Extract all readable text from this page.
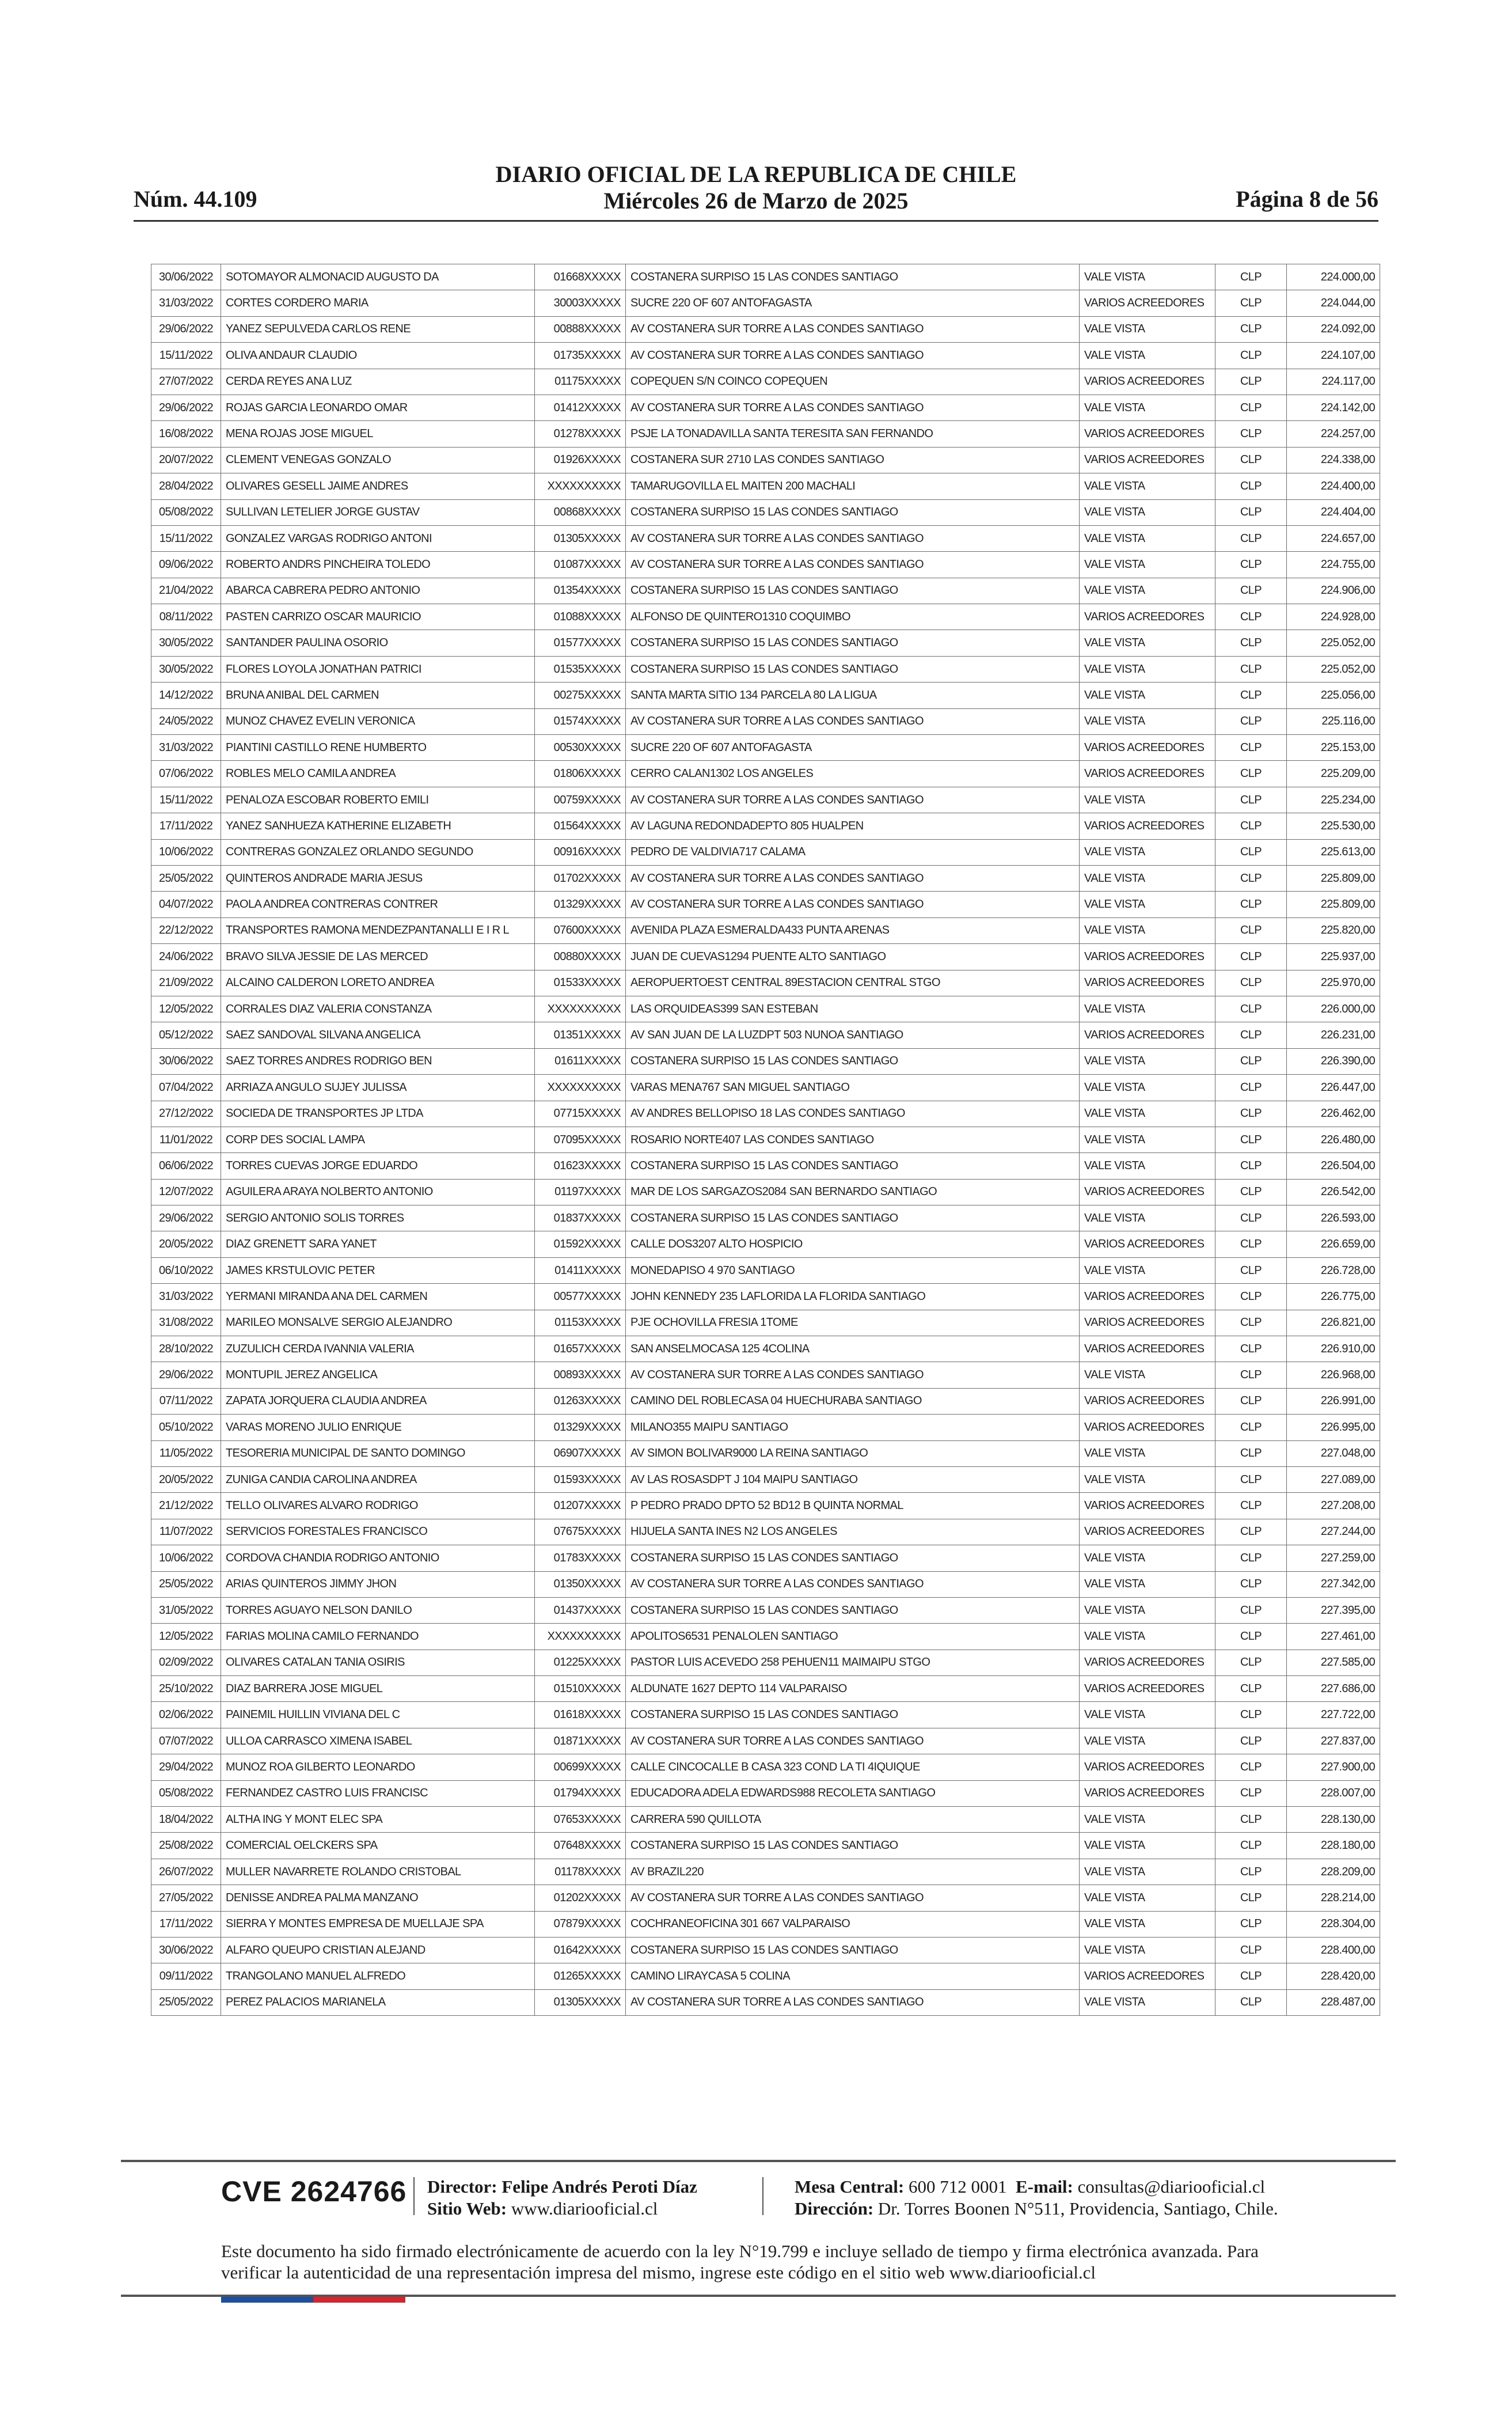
Núm. 44.109
DIARIO OFICIAL DE LA REPUBLICA DE CHILE
Miércoles 26 de Marzo de 2025	Página 8 de 56
30/06/2022	SOTOMAYOR ALMONACID AUGUSTO DA	01668XXXXX	COSTANERA SURPISO 15 LAS CONDES SANTIAGO	VALE VISTA	CLP	224.000,00
31/03/2022	CORTES CORDERO MARIA	30003XXXXX	SUCRE 220 OF 607 ANTOFAGASTA	VARIOS ACREEDORES	CLP	224.044,00
29/06/2022	YANEZ SEPULVEDA CARLOS RENE	00888XXXXX	AV COSTANERA SUR TORRE A LAS CONDES SANTIAGO	VALE VISTA	CLP	224.092,00
15/11/2022	OLIVA ANDAUR CLAUDIO	01735XXXXX	AV COSTANERA SUR TORRE A LAS CONDES SANTIAGO	VALE VISTA	CLP	224.107,00
27/07/2022	CERDA REYES ANA LUZ	01175XXXXX	COPEQUEN S/N COINCO COPEQUEN	VARIOS ACREEDORES	CLP	224.117,00
29/06/2022	ROJAS GARCIA LEONARDO OMAR	01412XXXXX	AV COSTANERA SUR TORRE A LAS CONDES SANTIAGO	VALE VISTA	CLP	224.142,00
16/08/2022	MENA ROJAS JOSE MIGUEL	01278XXXXX	PSJE LA TONADAVILLA SANTA TERESITA SAN FERNANDO	VARIOS ACREEDORES	CLP	224.257,00
20/07/2022	CLEMENT VENEGAS GONZALO	01926XXXXX	COSTANERA SUR 2710 LAS CONDES SANTIAGO	VARIOS ACREEDORES	CLP	224.338,00
28/04/2022	OLIVARES GESELL JAIME ANDRES	XXXXXXXXXX	TAMARUGOVILLA EL MAITEN 200 MACHALI	VALE VISTA	CLP	224.400,00
05/08/2022	SULLIVAN LETELIER JORGE GUSTAV	00868XXXXX	COSTANERA SURPISO 15 LAS CONDES SANTIAGO	VALE VISTA	CLP	224.404,00
15/11/2022	GONZALEZ VARGAS RODRIGO ANTONI	01305XXXXX	AV COSTANERA SUR TORRE A LAS CONDES SANTIAGO	VALE VISTA	CLP	224.657,00
09/06/2022	ROBERTO ANDRS PINCHEIRA TOLEDO	01087XXXXX	AV COSTANERA SUR TORRE A LAS CONDES SANTIAGO	VALE VISTA	CLP	224.755,00
21/04/2022	ABARCA CABRERA PEDRO ANTONIO	01354XXXXX	COSTANERA SURPISO 15 LAS CONDES SANTIAGO	VALE VISTA	CLP	224.906,00
08/11/2022	PASTEN CARRIZO OSCAR MAURICIO	01088XXXXX	ALFONSO DE QUINTERO1310 COQUIMBO	VARIOS ACREEDORES	CLP	224.928,00
30/05/2022	SANTANDER PAULINA OSORIO	01577XXXXX	COSTANERA SURPISO 15 LAS CONDES SANTIAGO	VALE VISTA	CLP	225.052,00
30/05/2022	FLORES LOYOLA JONATHAN PATRICI	01535XXXXX	COSTANERA SURPISO 15 LAS CONDES SANTIAGO	VALE VISTA	CLP	225.052,00
14/12/2022	BRUNA ANIBAL DEL CARMEN	00275XXXXX	SANTA MARTA SITIO 134 PARCELA 80 LA LIGUA	VALE VISTA	CLP	225.056,00
24/05/2022	MUNOZ CHAVEZ EVELIN VERONICA	01574XXXXX	AV COSTANERA SUR TORRE A LAS CONDES SANTIAGO	VALE VISTA	CLP	225.116,00
31/03/2022	PIANTINI CASTILLO RENE HUMBERTO	00530XXXXX	SUCRE 220 OF 607 ANTOFAGASTA	VARIOS ACREEDORES	CLP	225.153,00
07/06/2022	ROBLES MELO CAMILA ANDREA	01806XXXXX	CERRO CALAN1302 LOS ANGELES	VARIOS ACREEDORES	CLP	225.209,00
15/11/2022	PENALOZA ESCOBAR ROBERTO EMILI	00759XXXXX	AV COSTANERA SUR TORRE A LAS CONDES SANTIAGO	VALE VISTA	CLP	225.234,00
17/11/2022	YANEZ SANHUEZA KATHERINE ELIZABETH	01564XXXXX	AV LAGUNA REDONDADEPTO 805 HUALPEN	VARIOS ACREEDORES	CLP	225.530,00
10/06/2022	CONTRERAS GONZALEZ ORLANDO SEGUNDO	00916XXXXX	PEDRO DE VALDIVIA717 CALAMA	VALE VISTA	CLP	225.613,00
25/05/2022	QUINTEROS ANDRADE MARIA JESUS	01702XXXXX	AV COSTANERA SUR TORRE A LAS CONDES SANTIAGO	VALE VISTA	CLP	225.809,00
04/07/2022	PAOLA ANDREA CONTRERAS CONTRER	01329XXXXX	AV COSTANERA SUR TORRE A LAS CONDES SANTIAGO	VALE VISTA	CLP	225.809,00
22/12/2022	TRANSPORTES RAMONA MENDEZPANTANALLI E I R L	07600XXXXX	AVENIDA PLAZA ESMERALDA433 PUNTA ARENAS	VALE VISTA	CLP	225.820,00
24/06/2022	BRAVO SILVA JESSIE DE LAS MERCED	00880XXXXX	JUAN DE CUEVAS1294 PUENTE ALTO SANTIAGO	VARIOS ACREEDORES	CLP	225.937,00
21/09/2022	ALCAINO CALDERON LORETO ANDREA	01533XXXXX	AEROPUERTOEST CENTRAL 89ESTACION CENTRAL STGO	VARIOS ACREEDORES	CLP	225.970,00
12/05/2022	CORRALES DIAZ VALERIA CONSTANZA	XXXXXXXXXX	LAS ORQUIDEAS399 SAN ESTEBAN	VALE VISTA	CLP	226.000,00
05/12/2022	SAEZ SANDOVAL SILVANA ANGELICA	01351XXXXX	AV SAN JUAN DE LA LUZDPT 503 NUNOA SANTIAGO	VARIOS ACREEDORES	CLP	226.231,00
30/06/2022	SAEZ TORRES ANDRES RODRIGO BEN	01611XXXXX	COSTANERA SURPISO 15 LAS CONDES SANTIAGO	VALE VISTA	CLP	226.390,00
07/04/2022	ARRIAZA ANGULO SUJEY JULISSA	XXXXXXXXXX	VARAS MENA767 SAN MIGUEL SANTIAGO	VALE VISTA	CLP	226.447,00
27/12/2022	SOCIEDA DE TRANSPORTES JP LTDA	07715XXXXX	AV ANDRES BELLOPISO 18 LAS CONDES SANTIAGO	VALE VISTA	CLP	226.462,00
11/01/2022	CORP DES SOCIAL LAMPA	07095XXXXX	ROSARIO NORTE407 LAS CONDES SANTIAGO	VALE VISTA	CLP	226.480,00
06/06/2022	TORRES CUEVAS JORGE EDUARDO	01623XXXXX	COSTANERA SURPISO 15 LAS CONDES SANTIAGO	VALE VISTA	CLP	226.504,00
12/07/2022	AGUILERA ARAYA NOLBERTO ANTONIO	01197XXXXX	MAR DE LOS SARGAZOS2084 SAN BERNARDO SANTIAGO	VARIOS ACREEDORES	CLP	226.542,00
29/06/2022	SERGIO ANTONIO SOLIS TORRES	01837XXXXX	COSTANERA SURPISO 15 LAS CONDES SANTIAGO	VALE VISTA	CLP	226.593,00
20/05/2022	DIAZ GRENETT SARA YANET	01592XXXXX	CALLE DOS3207 ALTO HOSPICIO	VARIOS ACREEDORES	CLP	226.659,00
06/10/2022	JAMES KRSTULOVIC PETER	01411XXXXX	MONEDAPISO 4 970 SANTIAGO	VALE VISTA	CLP	226.728,00
31/03/2022	YERMANI MIRANDA ANA DEL CARMEN	00577XXXXX	JOHN KENNEDY 235 LAFLORIDA LA FLORIDA SANTIAGO	VARIOS ACREEDORES	CLP	226.775,00
31/08/2022	MARILEO MONSALVE SERGIO ALEJANDRO	01153XXXXX	PJE OCHOVILLA FRESIA 1TOME	VARIOS ACREEDORES	CLP	226.821,00
28/10/2022	ZUZULICH CERDA IVANNIA VALERIA	01657XXXXX	SAN ANSELMOCASA 125 4COLINA	VARIOS ACREEDORES	CLP	226.910,00
29/06/2022	MONTUPIL JEREZ ANGELICA	00893XXXXX	AV COSTANERA SUR TORRE A LAS CONDES SANTIAGO	VALE VISTA	CLP	226.968,00
07/11/2022	ZAPATA JORQUERA CLAUDIA ANDREA	01263XXXXX	CAMINO DEL ROBLECASA 04 HUECHURABA SANTIAGO	VARIOS ACREEDORES	CLP	226.991,00
05/10/2022	VARAS MORENO JULIO ENRIQUE	01329XXXXX	MILANO355 MAIPU SANTIAGO	VARIOS ACREEDORES	CLP	226.995,00
11/05/2022	TESORERIA MUNICIPAL DE SANTO DOMINGO	06907XXXXX	AV SIMON BOLIVAR9000 LA REINA SANTIAGO	VALE VISTA	CLP	227.048,00
20/05/2022	ZUNIGA CANDIA CAROLINA ANDREA	01593XXXXX	AV LAS ROSASDPT J 104 MAIPU SANTIAGO	VALE VISTA	CLP	227.089,00
21/12/2022	TELLO OLIVARES ALVARO RODRIGO	01207XXXXX	P PEDRO PRADO DPTO 52 BD12 B QUINTA NORMAL	VARIOS ACREEDORES	CLP	227.208,00
11/07/2022	SERVICIOS FORESTALES FRANCISCO	07675XXXXX	HIJUELA SANTA INES N2 LOS ANGELES	VARIOS ACREEDORES	CLP	227.244,00
10/06/2022	CORDOVA CHANDIA RODRIGO ANTONIO	01783XXXXX	COSTANERA SURPISO 15 LAS CONDES SANTIAGO	VALE VISTA	CLP	227.259,00
25/05/2022	ARIAS QUINTEROS JIMMY JHON	01350XXXXX	AV COSTANERA SUR TORRE A LAS CONDES SANTIAGO	VALE VISTA	CLP	227.342,00
31/05/2022	TORRES AGUAYO NELSON DANILO	01437XXXXX	COSTANERA SURPISO 15 LAS CONDES SANTIAGO	VALE VISTA	CLP	227.395,00
12/05/2022	FARIAS MOLINA CAMILO FERNANDO	XXXXXXXXXX	APOLITOS6531 PENALOLEN SANTIAGO	VALE VISTA	CLP	227.461,00
02/09/2022	OLIVARES CATALAN TANIA OSIRIS	01225XXXXX	PASTOR LUIS ACEVEDO 258 PEHUEN11 MAIMAIPU STGO	VARIOS ACREEDORES	CLP	227.585,00
25/10/2022	DIAZ BARRERA JOSE MIGUEL	01510XXXXX	ALDUNATE 1627 DEPTO 114 VALPARAISO	VARIOS ACREEDORES	CLP	227.686,00
02/06/2022	PAINEMIL HUILLIN VIVIANA DEL C	01618XXXXX	COSTANERA SURPISO 15 LAS CONDES SANTIAGO	VALE VISTA	CLP	227.722,00
07/07/2022	ULLOA CARRASCO XIMENA ISABEL	01871XXXXX	AV COSTANERA SUR TORRE A LAS CONDES SANTIAGO	VALE VISTA	CLP	227.837,00
29/04/2022	MUNOZ ROA GILBERTO LEONARDO	00699XXXXX	CALLE CINCOCALLE B CASA 323 COND LA TI 4IQUIQUE	VARIOS ACREEDORES	CLP	227.900,00
05/08/2022	FERNANDEZ CASTRO LUIS FRANCISC	01794XXXXX	EDUCADORA ADELA EDWARDS988 RECOLETA SANTIAGO	VARIOS ACREEDORES	CLP	228.007,00
18/04/2022	ALTHA ING Y MONT ELEC SPA	07653XXXXX	CARRERA 590 QUILLOTA	VALE VISTA	CLP	228.130,00
25/08/2022	COMERCIAL OELCKERS SPA	07648XXXXX	COSTANERA SURPISO 15 LAS CONDES SANTIAGO	VALE VISTA	CLP	228.180,00
26/07/2022	MULLER NAVARRETE ROLANDO CRISTOBAL	01178XXXXX	AV BRAZIL220	VALE VISTA	CLP	228.209,00
27/05/2022	DENISSE ANDREA PALMA MANZANO	01202XXXXX	AV COSTANERA SUR TORRE A LAS CONDES SANTIAGO	VALE VISTA	CLP	228.214,00
17/11/2022	SIERRA Y MONTES EMPRESA DE MUELLAJE SPA	07879XXXXX	COCHRANEOFICINA 301 667 VALPARAISO	VALE VISTA	CLP	228.304,00
30/06/2022	ALFARO QUEUPO CRISTIAN ALEJAND	01642XXXXX	COSTANERA SURPISO 15 LAS CONDES SANTIAGO	VALE VISTA	CLP	228.400,00
09/11/2022	TRANGOLANO MANUEL ALFREDO	01265XXXXX	CAMINO LIRAYCASA 5 COLINA	VARIOS ACREEDORES	CLP	228.420,00
25/05/2022	PEREZ PALACIOS MARIANELA	01305XXXXX	AV COSTANERA SUR TORRE A LAS CONDES SANTIAGO	VALE VISTA	CLP	228.487,00
CVE 2624766 Director: Felipe Andrés Peroti Díaz
Sitio Web: www.diariooficial.cl
Mesa Central: 600 712 0001 E-mail: consultas@diariooficial.cl
Dirección: Dr. Torres Boonen N°511, Providencia, Santiago, Chile.
Este documento ha sido firmado electrónicamente de acuerdo con la ley N°19.799 e incluye sellado de tiempo y firma electrónica avanzada. Para verificar la autenticidad de una representación impresa del mismo, ingrese este código en el sitio web www.diariooficial.cl
